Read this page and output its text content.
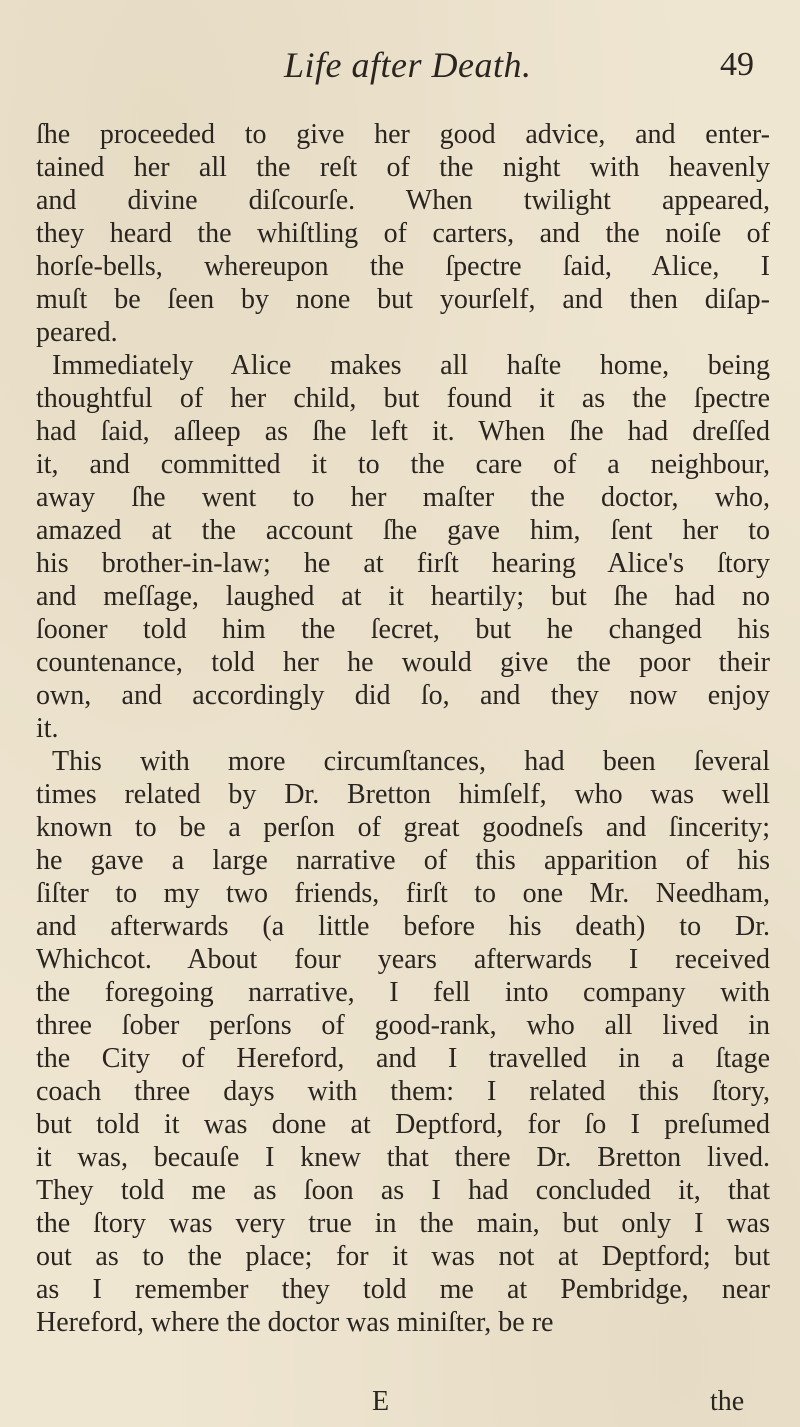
Life after Death.	49
ſhe proceeded to give her good advice, and enter-
tained her all the reſt of the night with heavenly
and divine diſcourſe. When twilight appeared,
they heard the whiſtling of carters, and the noiſe of
horſe-bells, whereupon the ſpectre ſaid, Alice, I
muſt be ſeen by none but yourſelf, and then diſap-
peared.
Immediately Alice makes all haſte home, being
thoughtful of her child, but found it as the ſpectre
had ſaid, aſleep as ſhe left it. When ſhe had dreſſed
it, and committed it to the care of a neighbour,
away ſhe went to her maſter the doctor, who,
amazed at the account ſhe gave him, ſent her to
his brother-in-law; he at firſt hearing Alice's ſtory
and meſſage, laughed at it heartily; but ſhe had no
ſooner told him the ſecret, but he changed his
countenance, told her he would give the poor their
own, and accordingly did ſo, and they now enjoy
it.
This with more circumſtances, had been ſeveral
times related by Dr. Bretton himſelf, who was well
known to be a perſon of great goodneſs and ſincerity;
he gave a large narrative of this apparition of his
ſiſter to my two friends, firſt to one Mr. Needham,
and afterwards (a little before his death) to Dr.
Whichcot. About four years afterwards I received
the foregoing narrative, I fell into company with
three ſober perſons of good-rank, who all lived in
the City of Hereford, and I travelled in a ſtage
coach three days with them: I related this ſtory,
but told it was done at Deptford, for ſo I preſumed
it was, becauſe I knew that there Dr. Bretton lived.
They told me as ſoon as I had concluded it, that
the ſtory was very true in the main, but only I was
out as to the place; for it was not at Deptford; but
as I remember they told me at Pembridge, near
Hereford, where the doctor was miniſter, be re
E	the
